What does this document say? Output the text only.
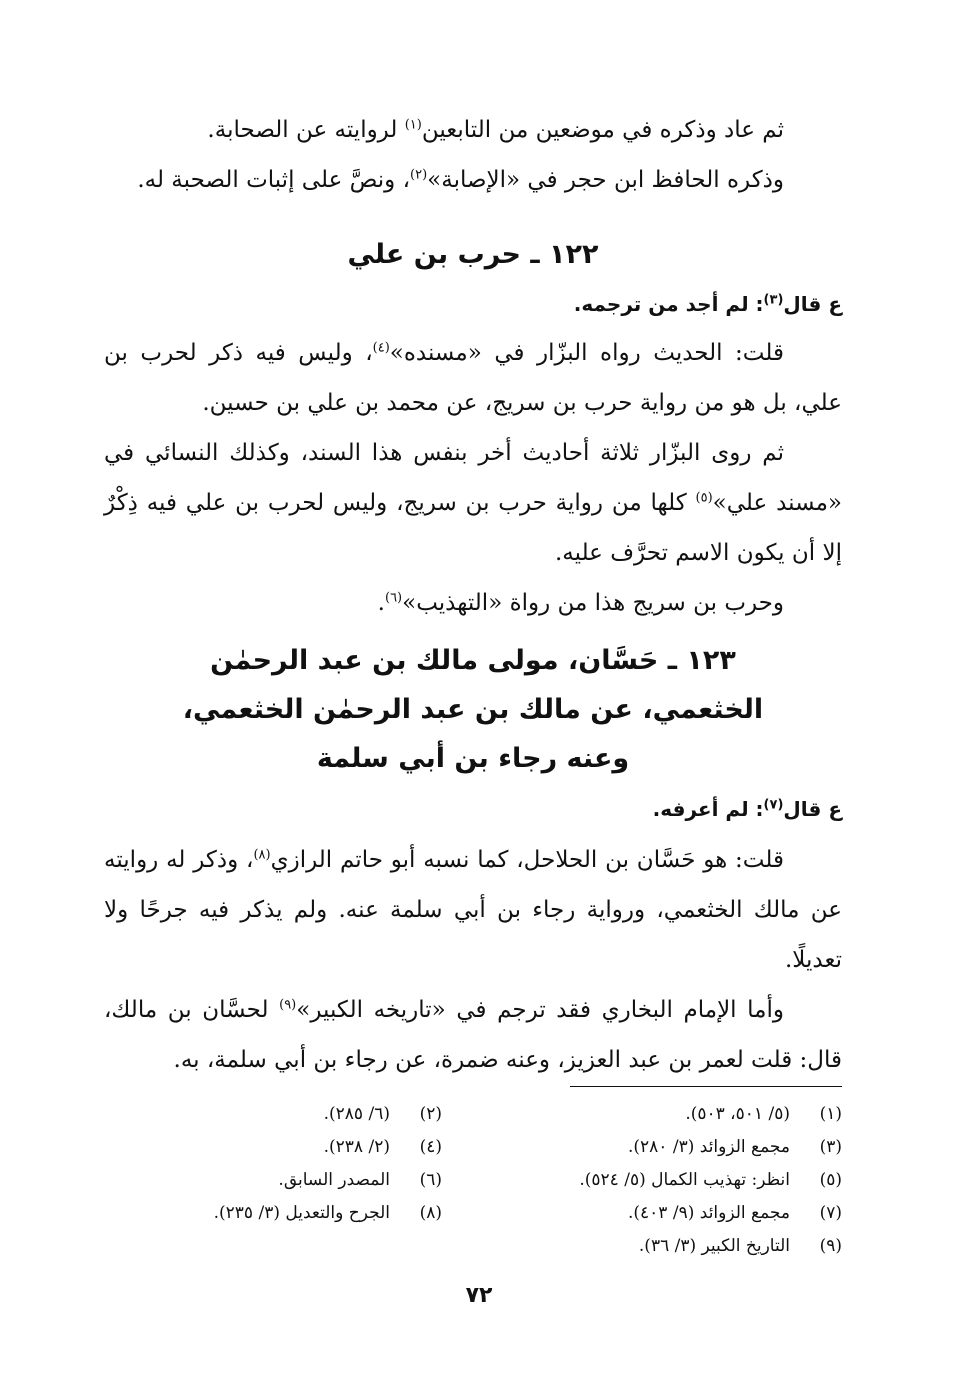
ثم عاد وذكره في موضعين من التابعين$^{(١)}$ لروايته عن الصحابة.

وذكره الحافظ ابن حجر في «الإصابة»$^{(٢)}$، ونصَّ على إثبات الصحبة له.

١٢٢ ـ حرب بن علي

ع قال$^{(٣)}$: لم أجد من ترجمه.

قلت: الحديث رواه البزّار في «مسنده»$^{(٤)}$، وليس فيه ذكر لحرب بن علي، بل هو من رواية حرب بن سريج، عن محمد بن علي بن حسين.

ثم روى البزّار ثلاثة أحاديث أخر بنفس هذا السند، وكذلك النسائي في «مسند علي»$^{(٥)}$ كلها من رواية حرب بن سريج، وليس لحرب بن علي فيه ذِكْرٌ إلا أن يكون الاسم تحرَّف عليه.

وحرب بن سريج هذا من رواة «التهذيب»$^{(٦)}$.

١٢٣ ـ حَسَّان، مولى مالك بن عبد الرحمٰن
الخثعمي، عن مالك بن عبد الرحمٰن الخثعمي،
وعنه رجاء بن أبي سلمة

ع قال$^{(٧)}$: لم أعرفه.

قلت: هو حَسَّان بن الحلاحل، كما نسبه أبو حاتم الرازي$^{(٨)}$، وذكر له روايته عن مالك الخثعمي، ورواية رجاء بن أبي سلمة عنه. ولم يذكر فيه جرحًا ولا تعديلًا.

وأما الإمام البخاري فقد ترجم في «تاريخه الكبير»$^{(٩)}$ لحسَّان بن مالك، قال: قلت لعمر بن عبد العزيز، وعنه ضمرة، عن رجاء بن أبي سلمة، به.

(١)
(٥/ ٥٠١، ٥٠٣).
(٢)
(٦/ ٢٨٥).
(٣)
مجمع الزوائد (٣/ ٢٨٠).
(٤)
(٢/ ٢٣٨).
(٥)
انظر: تهذيب الكمال (٥/ ٥٢٤).
(٦)
المصدر السابق.
(٧)
مجمع الزوائد (٩/ ٤٠٣).
(٨)
الجرح والتعديل (٣/ ٢٣٥).
(٩)
التاريخ الكبير (٣/ ٣٦).
٧٢
